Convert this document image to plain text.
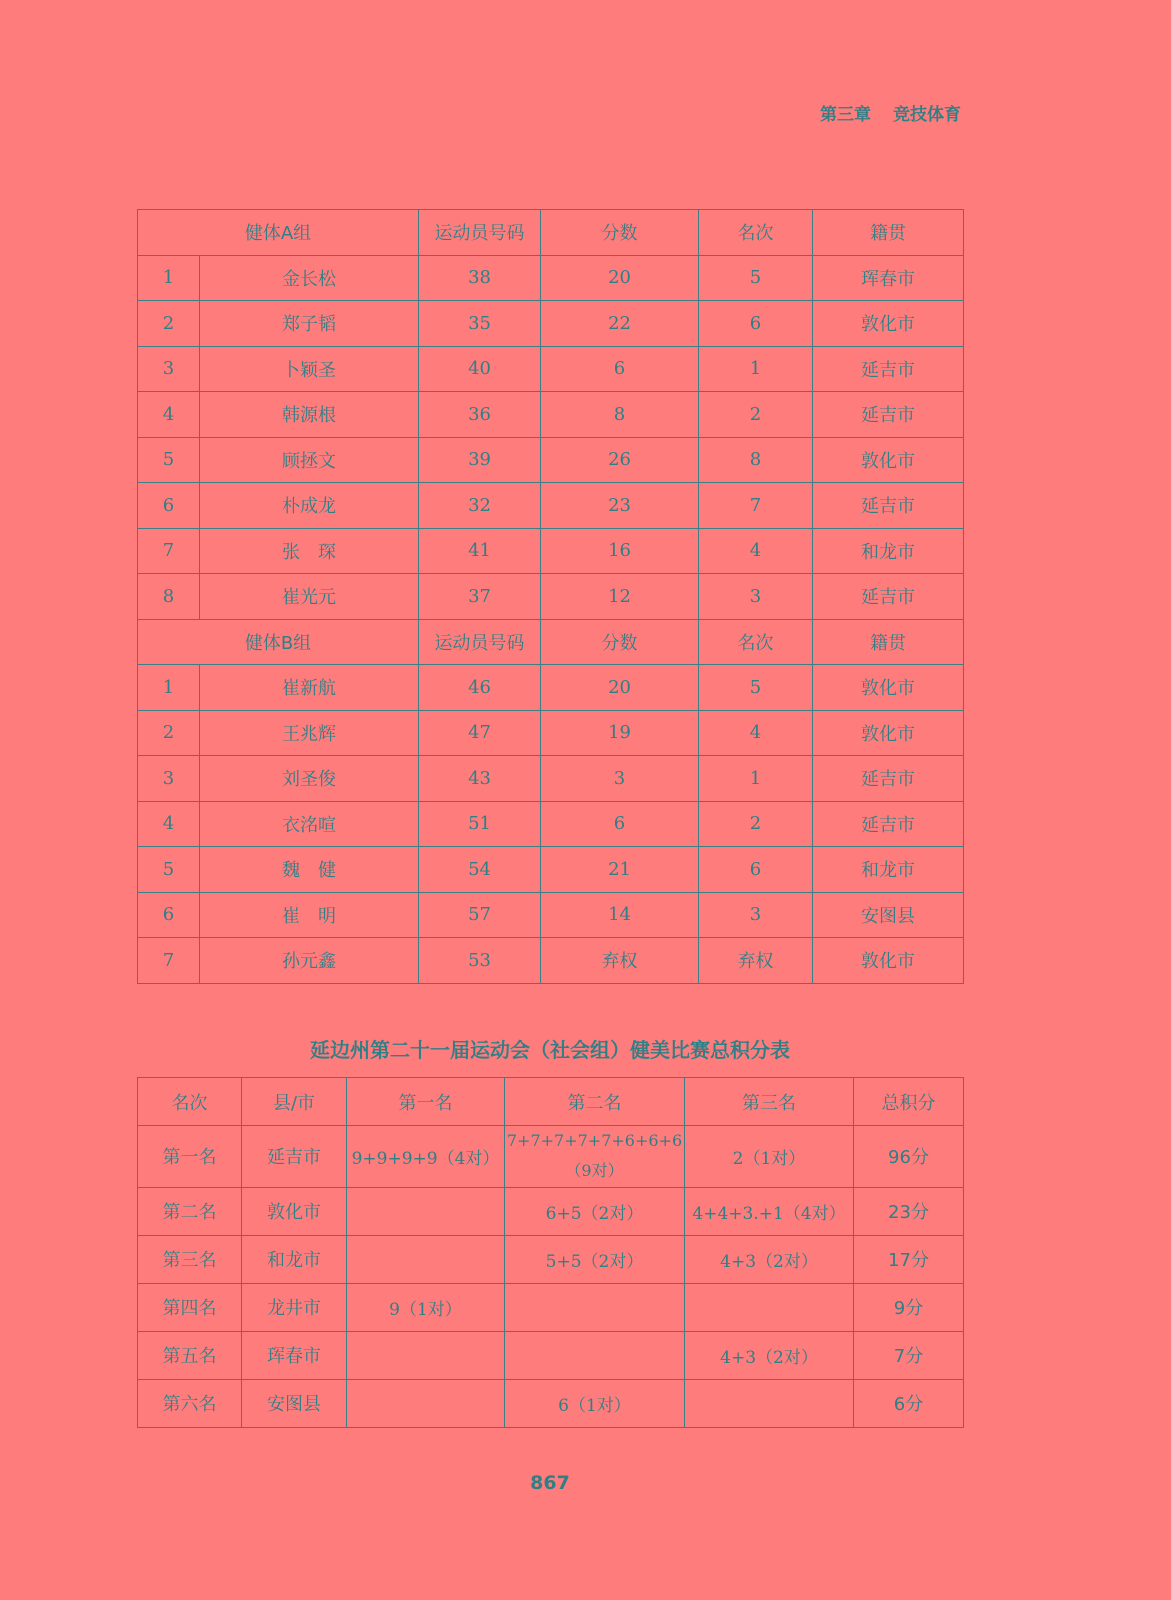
第三章 竞技体育
健体A组		运动员号码	分数	名次	籍贯
1	金长松	38	20	5	珲春市
2	郑子韬	35	22	6	敦化市
3	卜颖圣	40	6	1	延吉市
4	韩源根	36	8	2	延吉市
5	顾拯文	39	26	8	敦化市
6	朴成龙	32	23	7	延吉市
7	张　琛	41	16	4	和龙市
8	崔光元	37	12	3	延吉市
健体B组		运动员号码	分数	名次	籍贯
1	崔新航	46	20	5	敦化市
2	王兆辉	47	19	4	敦化市
3	刘圣俊	43	3	1	延吉市
4	衣洺喧	51	6	2	延吉市
5	魏　健	54	21	6	和龙市
6	崔　明	57	14	3	安图县
7	孙元鑫	53	弃权	弃权	敦化市
延边州第二十一届运动会（社会组）健美比赛总积分表
名次	县/市	第一名	第二名	第三名	总积分
第一名	延吉市	9+9+9+9（4对）	7+7+7+7+7+6+6+6（9对）	2（1对）	96分
第二名	敦化市		6+5（2对）	4+4+3.+1（4对）	23分
第三名	和龙市		5+5（2对）	4+3（2对）	17分
第四名	龙井市	9（1对）			9分
第五名	珲春市			4+3（2对）	7分
第六名	安图县		6（1对）		6分
867
